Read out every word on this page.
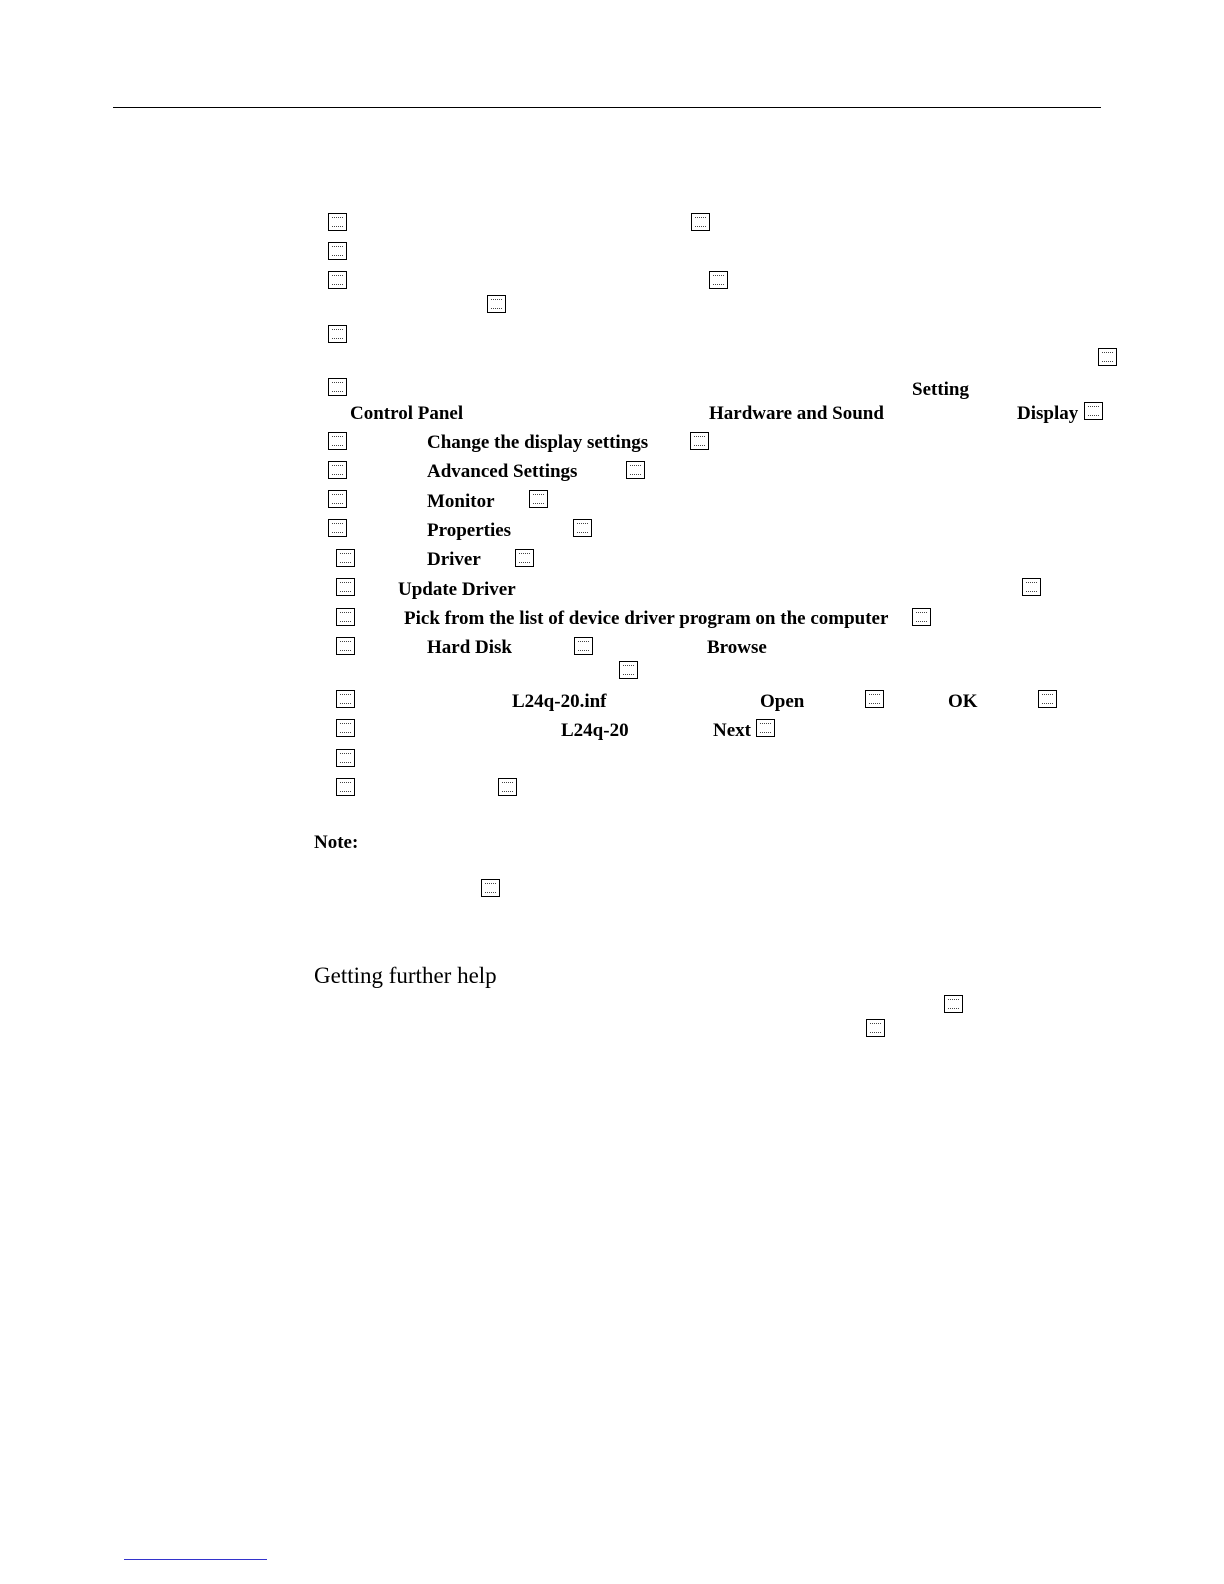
Setting
Control Panel	Hardware and Sound	Display
Change the display settings
Advanced Settings
Monitor
Properties
Driver
Update Driver
Pick from the list of device driver program on the computer
Hard Disk	Browse
L24q-20.inf	Open	OK
L24q-20	Next
Note:
Getting further help
